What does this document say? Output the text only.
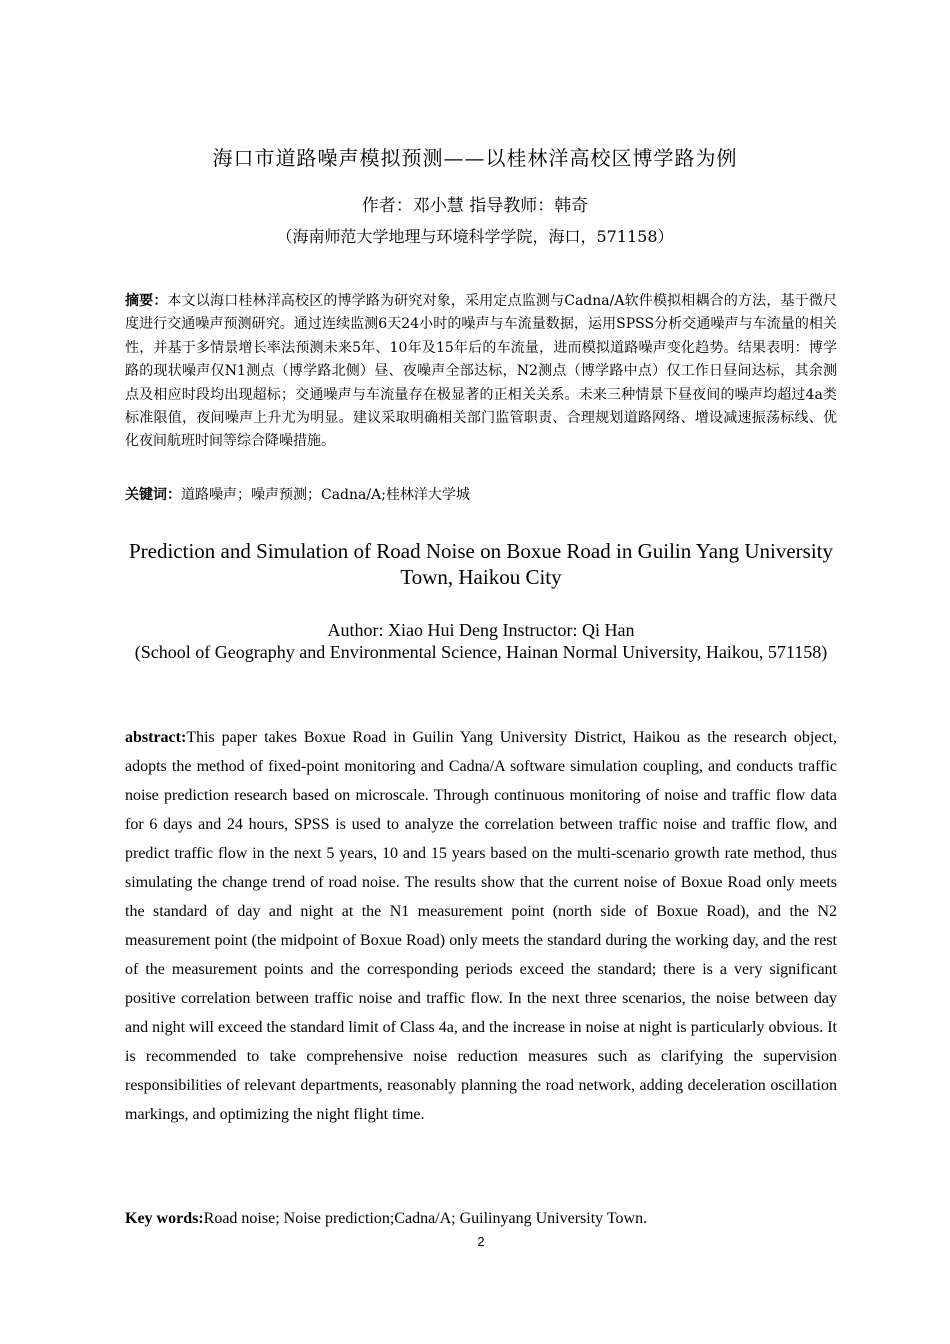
海口市道路噪声模拟预测——以桂林洋高校区博学路为例
作者：邓小慧 指导教师：韩奇
（海南师范大学地理与环境科学学院，海口，571158）
摘要：本文以海口桂林洋高校区的博学路为研究对象，采用定点监测与Cadna/A软件模拟相耦合的方法，基于微尺度进行交通噪声预测研究。通过连续监测6天24小时的噪声与车流量数据，运用SPSS分析交通噪声与车流量的相关性，并基于多情景增长率法预测未来5年、10年及15年后的车流量，进而模拟道路噪声变化趋势。结果表明：博学路的现状噪声仅N1测点（博学路北侧）昼、夜噪声全部达标，N2测点（博学路中点）仅工作日昼间达标，其余测点及相应时段均出现超标；交通噪声与车流量存在极显著的正相关关系。未来三种情景下昼夜间的噪声均超过4a类标准限值，夜间噪声上升尤为明显。建议采取明确相关部门监管职责、合理规划道路网络、增设减速振荡标线、优化夜间航班时间等综合降噪措施。
关键词：道路噪声；噪声预测；Cadna/A;桂林洋大学城
Prediction and Simulation of Road Noise on Boxue Road in Guilin Yang University Town, Haikou City
Author: Xiao Hui Deng Instructor: Qi Han
(School of Geography and Environmental Science, Hainan Normal University, Haikou, 571158)
abstract:This paper takes Boxue Road in Guilin Yang University District, Haikou as the research object, adopts the method of fixed-point monitoring and Cadna/A software simulation coupling, and conducts traffic noise prediction research based on microscale. Through continuous monitoring of noise and traffic flow data for 6 days and 24 hours, SPSS is used to analyze the correlation between traffic noise and traffic flow, and predict traffic flow in the next 5 years, 10 and 15 years based on the multi-scenario growth rate method, thus simulating the change trend of road noise. The results show that the current noise of Boxue Road only meets the standard of day and night at the N1 measurement point (north side of Boxue Road), and the N2 measurement point (the midpoint of Boxue Road) only meets the standard during the working day, and the rest of the measurement points and the corresponding periods exceed the standard; there is a very significant positive correlation between traffic noise and traffic flow. In the next three scenarios, the noise between day and night will exceed the standard limit of Class 4a, and the increase in noise at night is particularly obvious. It is recommended to take comprehensive noise reduction measures such as clarifying the supervision responsibilities of relevant departments, reasonably planning the road network, adding deceleration oscillation markings, and optimizing the night flight time.
Key words:Road noise; Noise prediction;Cadna/A; Guilinyang University Town.
2
